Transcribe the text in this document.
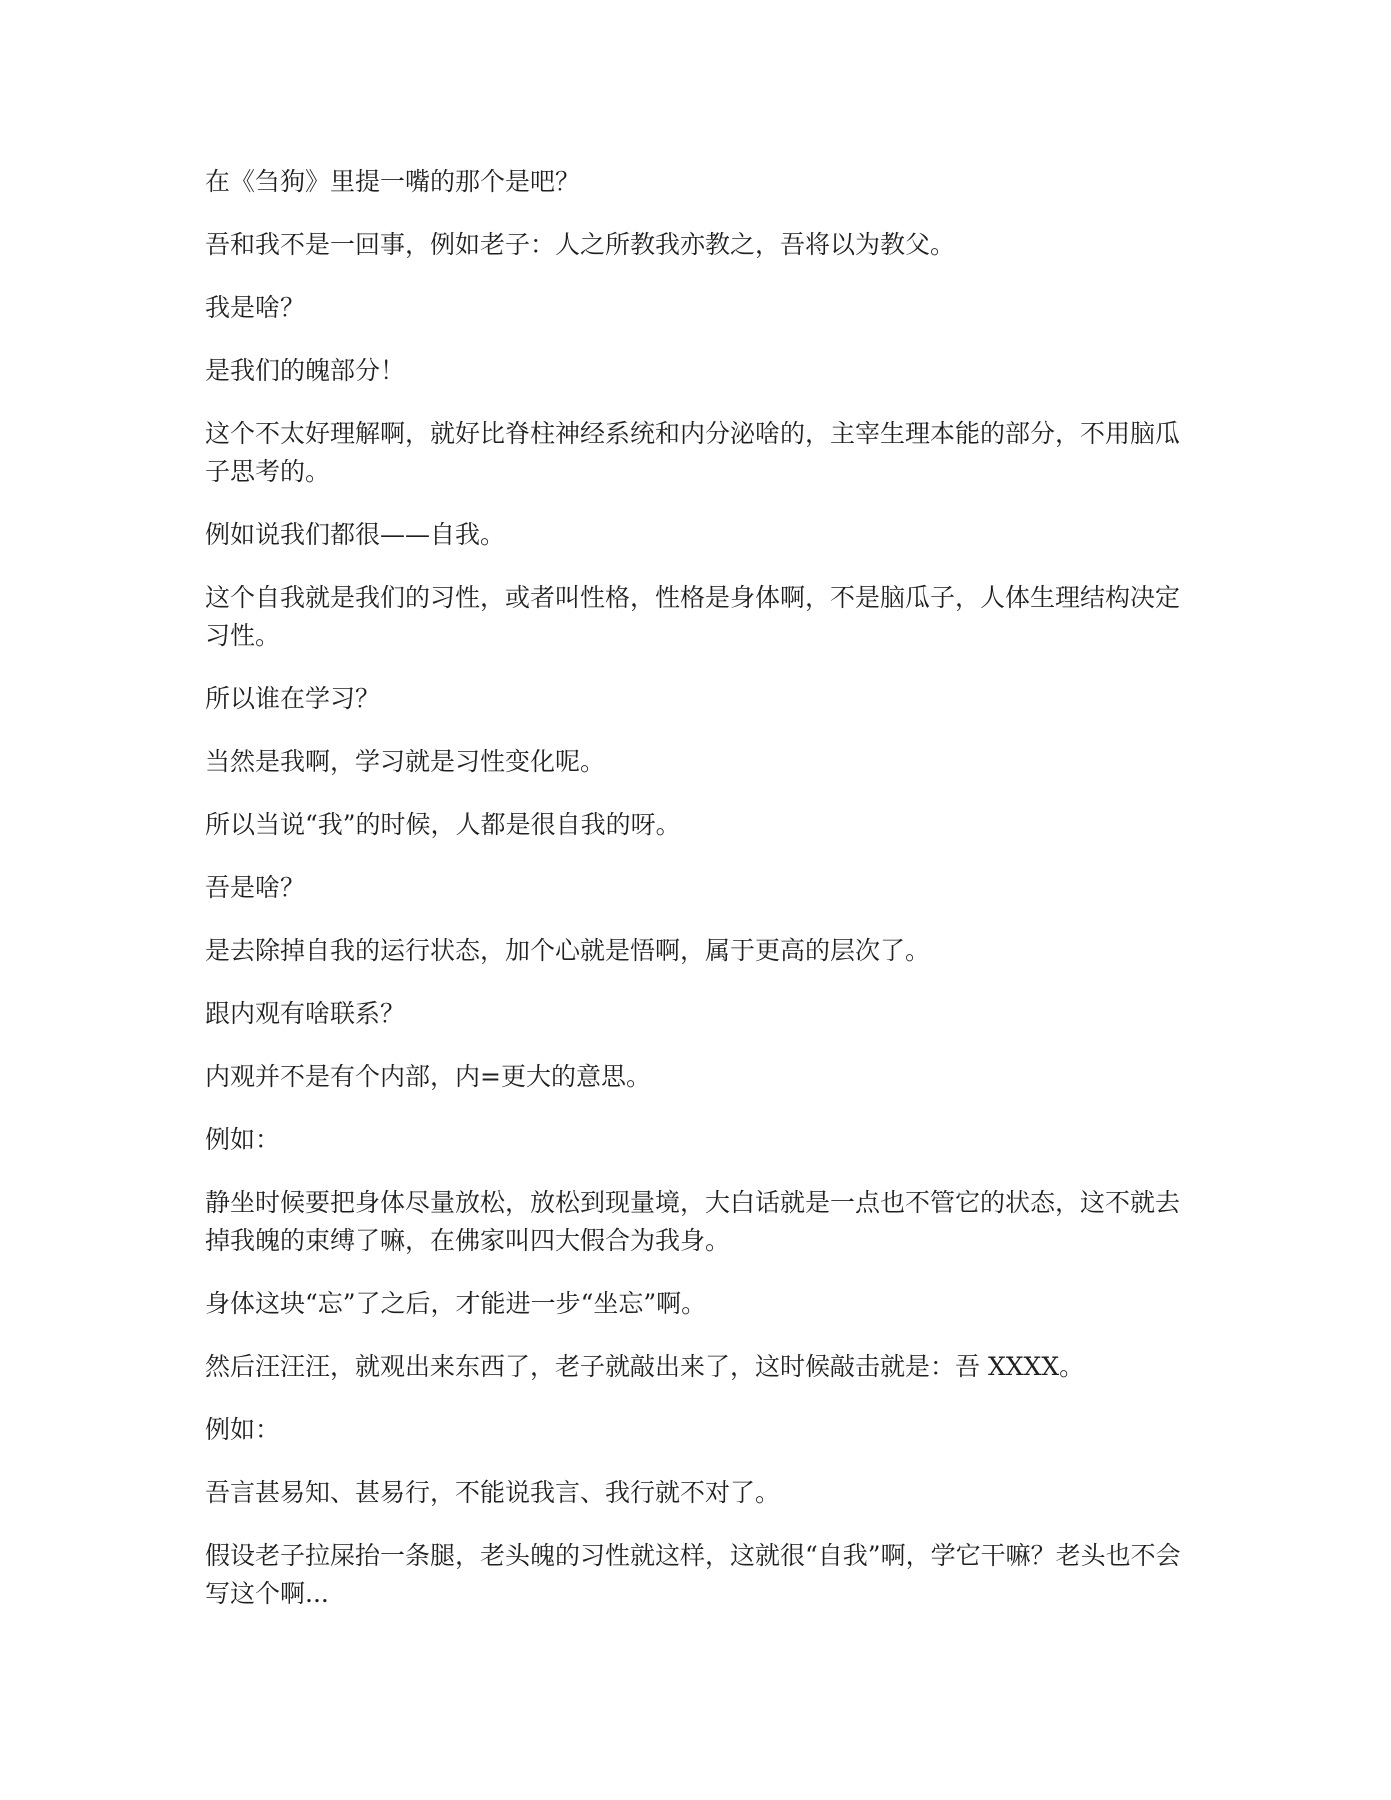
在《刍狗》里提一嘴的那个是吧？

吾和我不是一回事，例如老子：人之所教我亦教之，吾将以为教父。

我是啥？

是我们的魄部分！

这个不太好理解啊，就好比脊柱神经系统和内分泌啥的，主宰生理本能的部分，不用脑瓜子思考的。

例如说我们都很——自我。

这个自我就是我们的习性，或者叫性格，性格是身体啊，不是脑瓜子，人体生理结构决定习性。

所以谁在学习？

当然是我啊，学习就是习性变化呢。

所以当说“我”的时候，人都是很自我的呀。

吾是啥？

是去除掉自我的运行状态，加个心就是悟啊，属于更高的层次了。

跟内观有啥联系？

内观并不是有个内部，内=更大的意思。

例如：

静坐时候要把身体尽量放松，放松到现量境，大白话就是一点也不管它的状态，这不就去掉我魄的束缚了嘛，在佛家叫四大假合为我身。

身体这块“忘”了之后，才能进一步“坐忘”啊。

然后汪汪汪，就观出来东西了，老子就敲出来了，这时候敲击就是：吾 XXXX。

例如：

吾言甚易知、甚易行，不能说我言、我行就不对了。

假设老子拉屎抬一条腿，老头魄的习性就这样，这就很“自我”啊，学它干嘛？老头也不会写这个啊...
